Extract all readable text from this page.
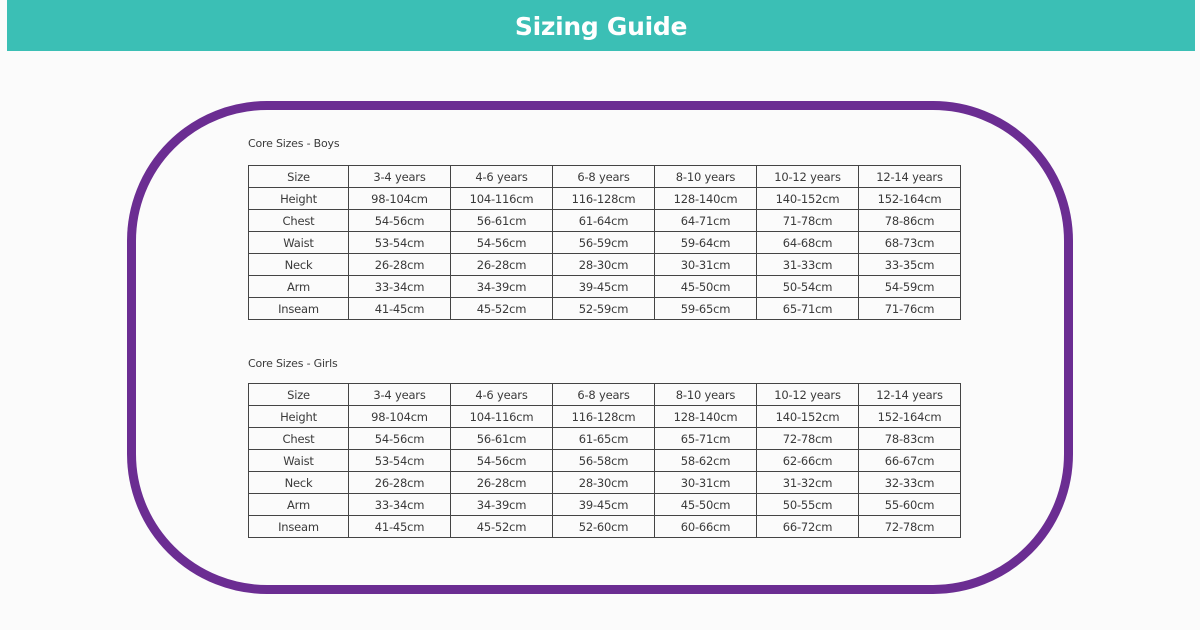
Sizing Guide
Core Sizes - Boys
Size	3-4 years	4-6 years	6-8 years	8-10 years	10-12 years	12-14 years
Height	98-104cm	104-116cm	116-128cm	128-140cm	140-152cm	152-164cm
Chest	54-56cm	56-61cm	61-64cm	64-71cm	71-78cm	78-86cm
Waist	53-54cm	54-56cm	56-59cm	59-64cm	64-68cm	68-73cm
Neck	26-28cm	26-28cm	28-30cm	30-31cm	31-33cm	33-35cm
Arm	33-34cm	34-39cm	39-45cm	45-50cm	50-54cm	54-59cm
Inseam	41-45cm	45-52cm	52-59cm	59-65cm	65-71cm	71-76cm
Core Sizes - Girls
Size	3-4 years	4-6 years	6-8 years	8-10 years	10-12 years	12-14 years
Height	98-104cm	104-116cm	116-128cm	128-140cm	140-152cm	152-164cm
Chest	54-56cm	56-61cm	61-65cm	65-71cm	72-78cm	78-83cm
Waist	53-54cm	54-56cm	56-58cm	58-62cm	62-66cm	66-67cm
Neck	26-28cm	26-28cm	28-30cm	30-31cm	31-32cm	32-33cm
Arm	33-34cm	34-39cm	39-45cm	45-50cm	50-55cm	55-60cm
Inseam	41-45cm	45-52cm	52-60cm	60-66cm	66-72cm	72-78cm
